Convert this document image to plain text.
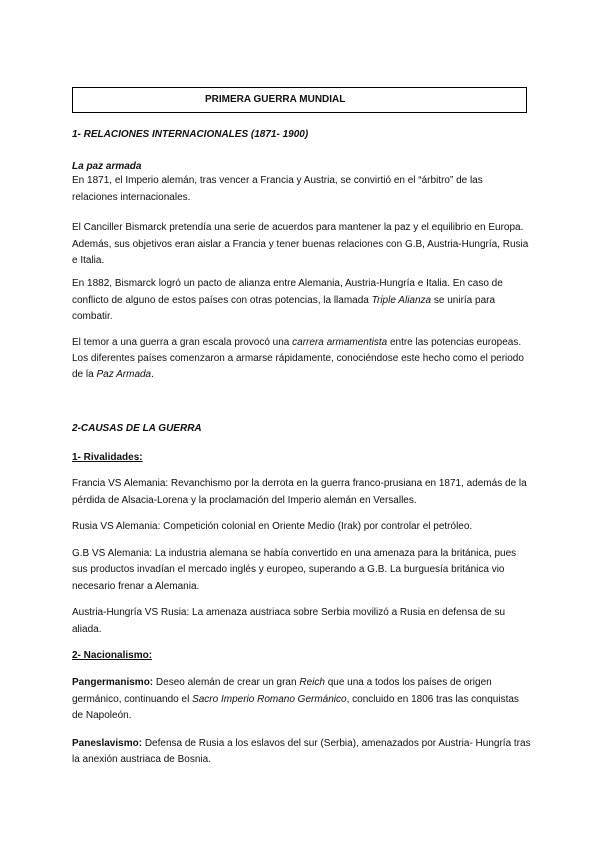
PRIMERA GUERRA MUNDIAL
1- RELACIONES INTERNACIONALES (1871- 1900)
La paz armada
En 1871, el Imperio alemán, tras vencer a Francia y Austria, se convirtió en el “árbitro” de las
relaciones internacionales.
El Canciller Bismarck pretendía una serie de acuerdos para mantener la paz y el equilibrio en Europa.
Además, sus objetivos eran aislar a Francia y tener buenas relaciones con G.B, Austria-Hungría, Rusia
e Italia.
En 1882, Bismarck logró un pacto de alianza entre Alemania, Austria-Hungría e Italia. En caso de
conflicto de alguno de estos países con otras potencias, la llamada Triple Alianza se uniría para
combatir.
El temor a una guerra a gran escala provocó una carrera armamentista entre las potencias europeas.
Los diferentes países comenzaron a armarse rápidamente, conociéndose este hecho como el periodo
de la Paz Armada.
2-CAUSAS DE LA GUERRA
1- Rivalidades:
Francia VS Alemania: Revanchismo por la derrota en la guerra franco-prusiana en 1871, además de la
pérdida de Alsacia-Lorena y la proclamación del Imperio alemán en Versalles.
Rusia VS Alemania: Competición colonial en Oriente Medio (Irak) por controlar el petróleo.
G.B VS Alemania: La industria alemana se había convertido en una amenaza para la británica, pues
sus productos invadían el mercado inglés y europeo, superando a G.B. La burguesía británica vio
necesario frenar a Alemania.
Austria-Hungría VS Rusia: La amenaza austriaca sobre Serbia movilizó a Rusia en defensa de su
aliada.
2- Nacionalismo:
Pangermanismo: Deseo alemán de crear un gran Reich que una a todos los países de origen
germánico, continuando el Sacro Imperio Romano Germánico, concluido en 1806 tras las conquistas
de Napoleón.
Paneslavismo: Defensa de Rusia a los eslavos del sur (Serbia), amenazados por Austria- Hungría tras
la anexión austriaca de Bosnia.
